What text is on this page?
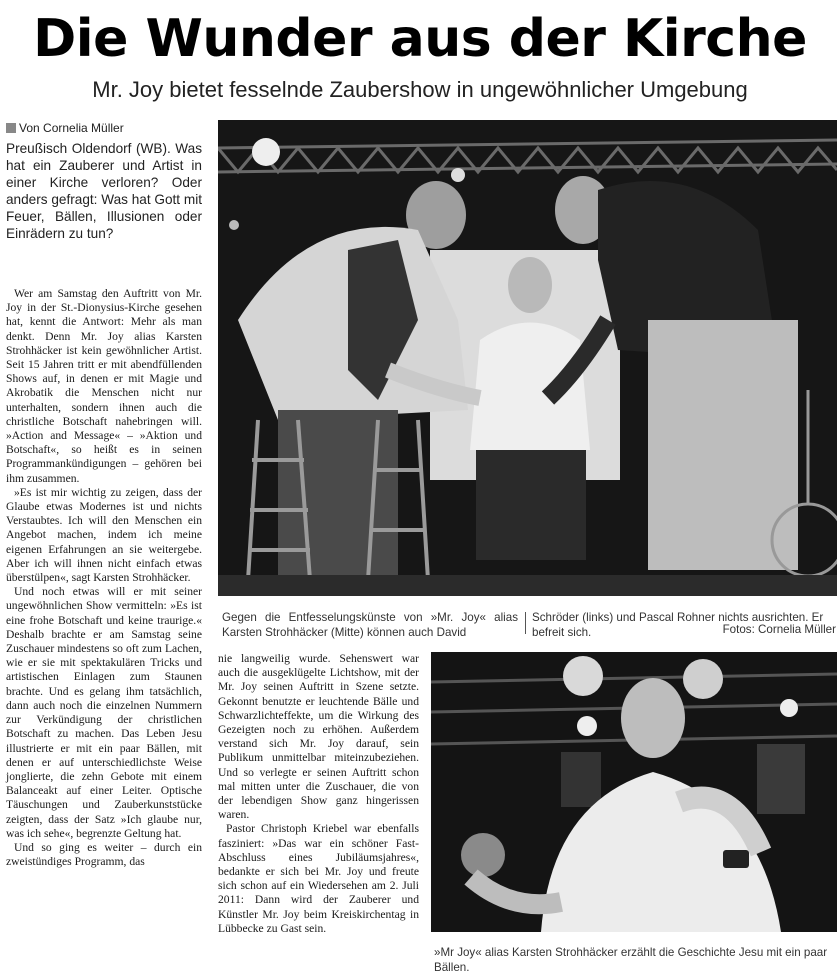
Die Wunder aus der Kirche
Mr. Joy bietet fesselnde Zaubershow in ungewöhnlicher Umgebung
Von Cornelia Müller
Preußisch Oldendorf (WB). Was hat ein Zauberer und Artist in einer Kirche verloren? Oder anders gefragt: Was hat Gott mit Feuer, Bällen, Illusionen oder Einrädern zu tun?

Wer am Samstag den Auftritt von Mr. Joy in der St.-Dionysius-Kirche gesehen hat, kennt die Antwort: Mehr als man denkt. Denn Mr. Joy alias Karsten Strohhäcker ist kein gewöhnlicher Artist. Seit 15 Jahren tritt er mit abendfüllenden Shows auf, in denen er mit Magie und Akrobatik die Menschen nicht nur unterhalten, sondern ihnen auch die christliche Botschaft nahebringen will. »Action and Message« – »Aktion und Botschaft«, so heißt es in seinen Programmankündigungen – gehören bei ihm zusammen.

»Es ist mir wichtig zu zeigen, dass der Glaube etwas Modernes ist und nichts Verstaubtes. Ich will den Menschen ein Angebot machen, indem ich meine eigenen Erfahrungen an sie weitergebe. Aber ich will ihnen nicht einfach etwas überstülpen«, sagt Karsten Strohhäcker.

Und noch etwas will er mit seiner ungewöhnlichen Show vermitteln: »Es ist eine frohe Botschaft und keine traurige.« Deshalb brachte er am Samstag seine Zuschauer mindestens so oft zum Lachen, wie er sie mit spektakulären Tricks und artistischen Einlagen zum Staunen brachte. Und es gelang ihm tatsächlich, dann auch noch die einzelnen Nummern zur Verkündigung der christlichen Botschaft zu machen. Das Leben Jesu illustrierte er mit ein paar Bällen, mit denen er auf unterschiedlichste Weise jonglierte, die zehn Gebote mit einem Balanceakt auf einer Leiter. Optische Täuschungen und Zauberkunststücke zeigten, dass der Satz »Ich glaube nur, was ich sehe«, begrenzte Geltung hat.

Und so ging es weiter – durch ein zweistündiges Programm, das

Gegen die Entfesselungskünste von »Mr. Joy« alias Karsten Strohhäcker (Mitte) können auch David
Schröder (links) und Pascal Rohner nichts ausrichten. Er befreit sich.	Fotos: Cornelia Müller

nie langweilig wurde. Sehenswert war auch die ausgeklügelte Lichtshow, mit der Mr. Joy seinen Auftritt in Szene setzte. Gekonnt benutzte er leuchtende Bälle und Schwarzlichteffekte, um die Wirkung des Gezeigten noch zu erhöhen. Außerdem verstand sich Mr. Joy darauf, sein Publikum unmittelbar miteinzubeziehen. Und so verlegte er seinen Auftritt schon mal mitten unter die Zuschauer, die von der lebendigen Show ganz hingerissen waren.

Pastor Christoph Kriebel war ebenfalls fasziniert: »Das war ein schöner Fast-Abschluss eines Jubiläumsjahres«, bedankte er sich bei Mr. Joy und freute sich schon auf ein Wiedersehen am 2. Juli 2011: Dann wird der Zauberer und Künstler Mr. Joy beim Kreiskirchentag in Lübbecke zu Gast sein.

»Mr Joy« alias Karsten Strohhäcker erzählt die Geschichte Jesu mit ein paar Bällen.
